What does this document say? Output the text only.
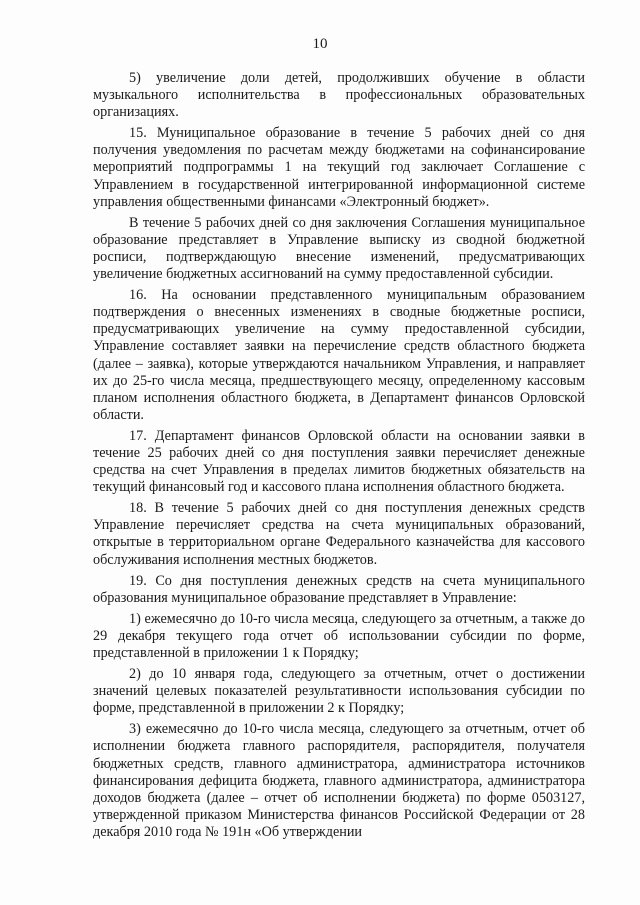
10

5) увеличение доли детей, продолживших обучение в области музыкального исполнительства в профессиональных образовательных организациях.

15. Муниципальное образование в течение 5 рабочих дней со дня получения уведомления по расчетам между бюджетами на софинансирование мероприятий подпрограммы 1 на текущий год заключает Соглашение с Управлением в государственной интегрированной информационной системе управления общественными финансами «Электронный бюджет».

В течение 5 рабочих дней со дня заключения Соглашения муниципальное образование представляет в Управление выписку из сводной бюджетной росписи, подтверждающую внесение изменений, предусматривающих увеличение бюджетных ассигнований на сумму предоставленной субсидии.

16. На основании представленного муниципальным образованием подтверждения о внесенных изменениях в сводные бюджетные росписи, предусматривающих увеличение на сумму предоставленной субсидии, Управление составляет заявки на перечисление средств областного бюджета (далее – заявка), которые утверждаются начальником Управления, и направляет их до 25-го числа месяца, предшествующего месяцу, определенному кассовым планом исполнения областного бюджета, в Департамент финансов Орловской области.

17. Департамент финансов Орловской области на основании заявки в течение 25 рабочих дней со дня поступления заявки перечисляет денежные средства на счет Управления в пределах лимитов бюджетных обязательств на текущий финансовый год и кассового плана исполнения областного бюджета.

18. В течение 5 рабочих дней со дня поступления денежных средств Управление перечисляет средства на счета муниципальных образований, открытые в территориальном органе Федерального казначейства для кассового обслуживания исполнения местных бюджетов.

19. Со дня поступления денежных средств на счета муниципального образования муниципальное образование представляет в Управление:

1) ежемесячно до 10-го числа месяца, следующего за отчетным, а также до 29 декабря текущего года отчет об использовании субсидии по форме, представленной в приложении 1 к Порядку;

2) до 10 января года, следующего за отчетным, отчет о достижении значений целевых показателей результативности использования субсидии по форме, представленной в приложении 2 к Порядку;

3) ежемесячно до 10-го числа месяца, следующего за отчетным, отчет об исполнении бюджета главного распорядителя, распорядителя, получателя бюджетных средств, главного администратора, администратора источников финансирования дефицита бюджета, главного администратора, администратора доходов бюджета (далее – отчет об исполнении бюджета) по форме 0503127, утвержденной приказом Министерства финансов Российской Федерации от 28 декабря 2010 года № 191н «Об утверждении
